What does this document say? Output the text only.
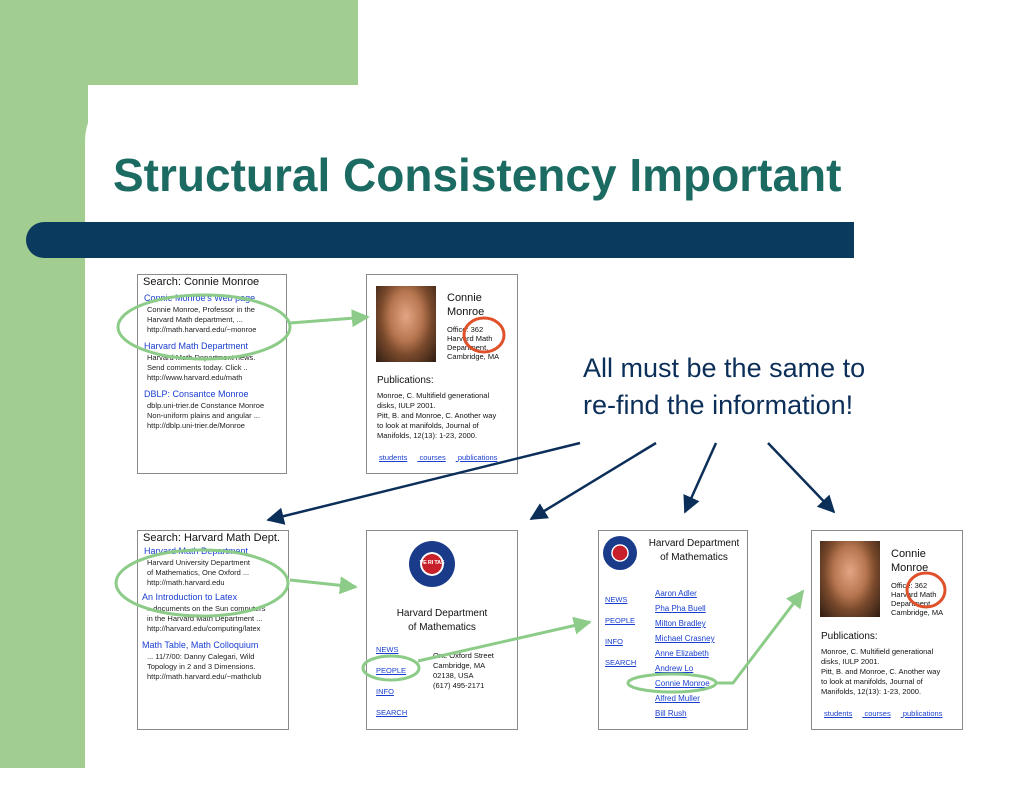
Structural Consistency Important
All must be the same to
re-find the information!
Search: Connie Monroe
Connie Monroe's Web page
Connie Monroe, Professor in the
Harvard Math department, ...
http://math.harvard.edu/~monroe
Harvard Math Department
Harvard Math Department news.
Send comments today. Click ..
http://www.harvard.edu/math
DBLP: Consantce Monroe
dblp.uni-trier.de Constance Monroe
Non-uniform plains and angular ...
http://dblp.uni-trier.de/Monroe
Connie
Monroe
Office: 362
Harvard Math
Department,
Cambridge, MA
Publications:
Monroe, C. Multifield generational
disks, IULP 2001.
Pitt, B. and Monroe, C. Another way
to look at manifolds, Journal of
Manifolds, 12(13): 1-23, 2000.
students courses publications
Search: Harvard Math Dept.
Harvard Math Department
Harvard University Department
of Mathematics, One Oxford ...
http://math.harvard.edu
An Introduction to Latex
...documents on the Sun computers
in the Harvard Math Department ...
http://harvard.edu/computing/latex
Math Table, Math Colloquium
... 11/7/00: Danny Calegari, Wild
Topology in 2 and 3 Dimensions.
http://math.harvard.edu/~mathclub
VE RI TAS
Harvard Department
of Mathematics
NEWS
PEOPLE
INFO
SEARCH
One Oxford Street
Cambridge, MA
02138, USA
(617) 495-2171
Harvard Department
of Mathematics
NEWS
PEOPLE
INFO
SEARCH
Aaron Adler
Pha Pha Buell
Milton Bradley
Michael Crasney
Anne Elizabeth
Andrew Lo
Connie Monroe
Alfred Muller
Bill Rush
Connie
Monroe
Office: 362
Harvard Math
Department,
Cambridge, MA
Publications:
Monroe, C. Multifield generational
disks, IULP 2001.
Pitt, B. and Monroe, C. Another way
to look at manifolds, Journal of
Manifolds, 12(13): 1-23, 2000.
students courses publications
